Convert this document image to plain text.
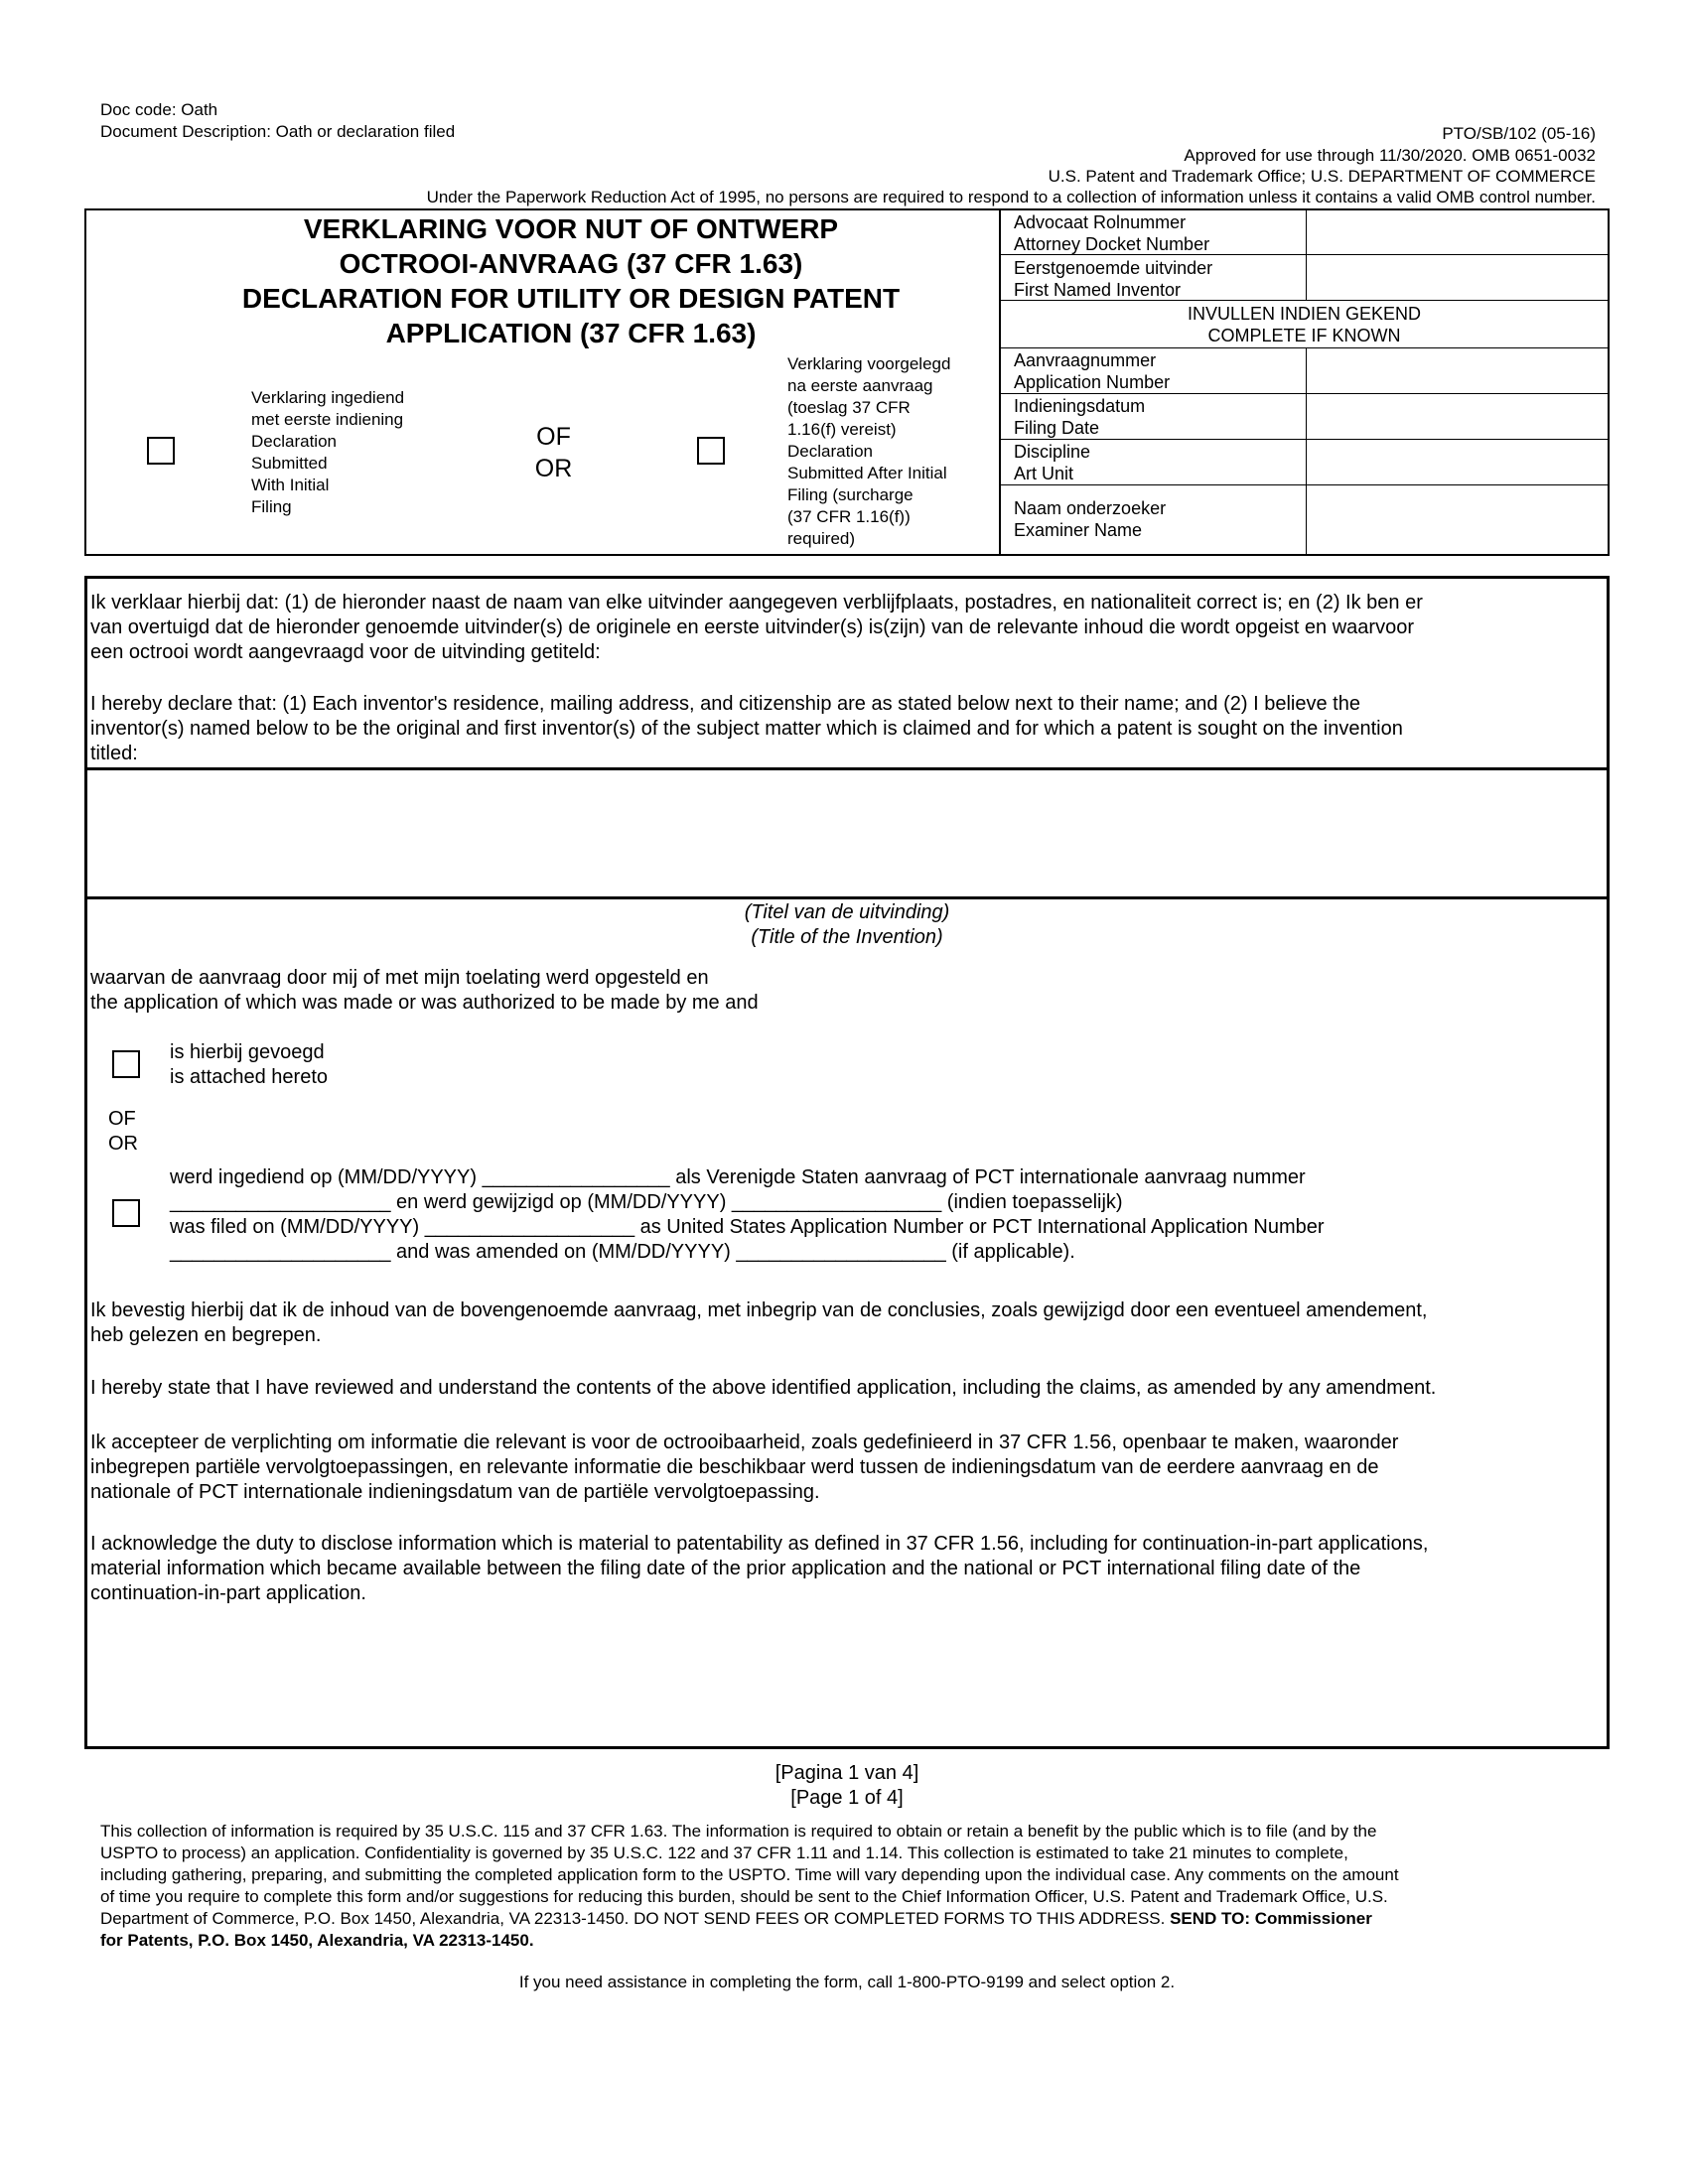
Doc code: Oath
Document Description: Oath or declaration filed	PTO/SB/102 (05-16)
Approved for use through 11/30/2020. OMB 0651-0032
U.S. Patent and Trademark Office; U.S. DEPARTMENT OF COMMERCE
Under the Paperwork Reduction Act of 1995, no persons are required to respond to a collection of information unless it contains a valid OMB control number.
VERKLARING VOOR NUT OF ONTWERP
OCTROOI-ANVRAAG (37 CFR 1.63)
DECLARATION FOR UTILITY OR DESIGN PATENT
APPLICATION (37 CFR 1.63)
Verklaring ingediend
met eerste indiening
Declaration
Submitted
With Initial
Filing
OF
OR
Verklaring voorgelegd
na eerste aanvraag
(toeslag 37 CFR
1.16(f) vereist)
Declaration
Submitted After Initial
Filing (surcharge
(37 CFR 1.16(f))
required)
Advocaat Rolnummer
Attorney Docket Number
Eerstgenoemde uitvinder
First Named Inventor
INVULLEN INDIEN GEKEND
COMPLETE IF KNOWN
Aanvraagnummer
Application Number
Indieningsdatum
Filing Date
Discipline
Art Unit
Naam onderzoeker
Examiner Name
Ik verklaar hierbij dat: (1) de hieronder naast de naam van elke uitvinder aangegeven verblijfplaats, postadres, en nationaliteit correct is; en (2) Ik ben er
van overtuigd dat de hieronder genoemde uitvinder(s) de originele en eerste uitvinder(s) is(zijn) van de relevante inhoud die wordt opgeist en waarvoor
een octrooi wordt aangevraagd voor de uitvinding getiteld:
I hereby declare that: (1) Each inventor's residence, mailing address, and citizenship are as stated below next to their name; and (2) I believe the
inventor(s) named below to be the original and first inventor(s) of the subject matter which is claimed and for which a patent is sought on the invention
titled:
(Titel van de uitvinding)
(Title of the Invention)
waarvan de aanvraag door mij of met mijn toelating werd opgesteld en
the application of which was made or was authorized to be made by me and
is hierbij gevoegd
is attached hereto
OF
OR
werd ingediend op (MM/DD/YYYY) _________________ als Verenigde Staten aanvraag of PCT internationale aanvraag nummer
____________________ en werd gewijzigd op (MM/DD/YYYY) ___________________ (indien toepasselijk)
was filed on (MM/DD/YYYY) ___________________ as United States Application Number or PCT International Application Number
____________________ and was amended on (MM/DD/YYYY) ___________________ (if applicable).
Ik bevestig hierbij dat ik de inhoud van de bovengenoemde aanvraag, met inbegrip van de conclusies, zoals gewijzigd door een eventueel amendement,
heb gelezen en begrepen.
I hereby state that I have reviewed and understand the contents of the above identified application, including the claims, as amended by any amendment.
Ik accepteer de verplichting om informatie die relevant is voor de octrooibaarheid, zoals gedefinieerd in 37 CFR 1.56, openbaar te maken, waaronder
inbegrepen partiële vervolgtoepassingen, en relevante informatie die beschikbaar werd tussen de indieningsdatum van de eerdere aanvraag en de
nationale of PCT internationale indieningsdatum van de partiële vervolgtoepassing.
I acknowledge the duty to disclose information which is material to patentability as defined in 37 CFR 1.56, including for continuation-in-part applications,
material information which became available between the filing date of the prior application and the national or PCT international filing date of the
continuation-in-part application.
[Pagina 1 van 4]
[Page 1 of 4]
This collection of information is required by 35 U.S.C. 115 and 37 CFR 1.63. The information is required to obtain or retain a benefit by the public which is to file (and by the
USPTO to process) an application. Confidentiality is governed by 35 U.S.C. 122 and 37 CFR 1.11 and 1.14. This collection is estimated to take 21 minutes to complete,
including gathering, preparing, and submitting the completed application form to the USPTO. Time will vary depending upon the individual case. Any comments on the amount
of time you require to complete this form and/or suggestions for reducing this burden, should be sent to the Chief Information Officer, U.S. Patent and Trademark Office, U.S.
Department of Commerce, P.O. Box 1450, Alexandria, VA 22313-1450. DO NOT SEND FEES OR COMPLETED FORMS TO THIS ADDRESS. SEND TO: Commissioner
for Patents, P.O. Box 1450, Alexandria, VA 22313-1450.
If you need assistance in completing the form, call 1-800-PTO-9199 and select option 2.
